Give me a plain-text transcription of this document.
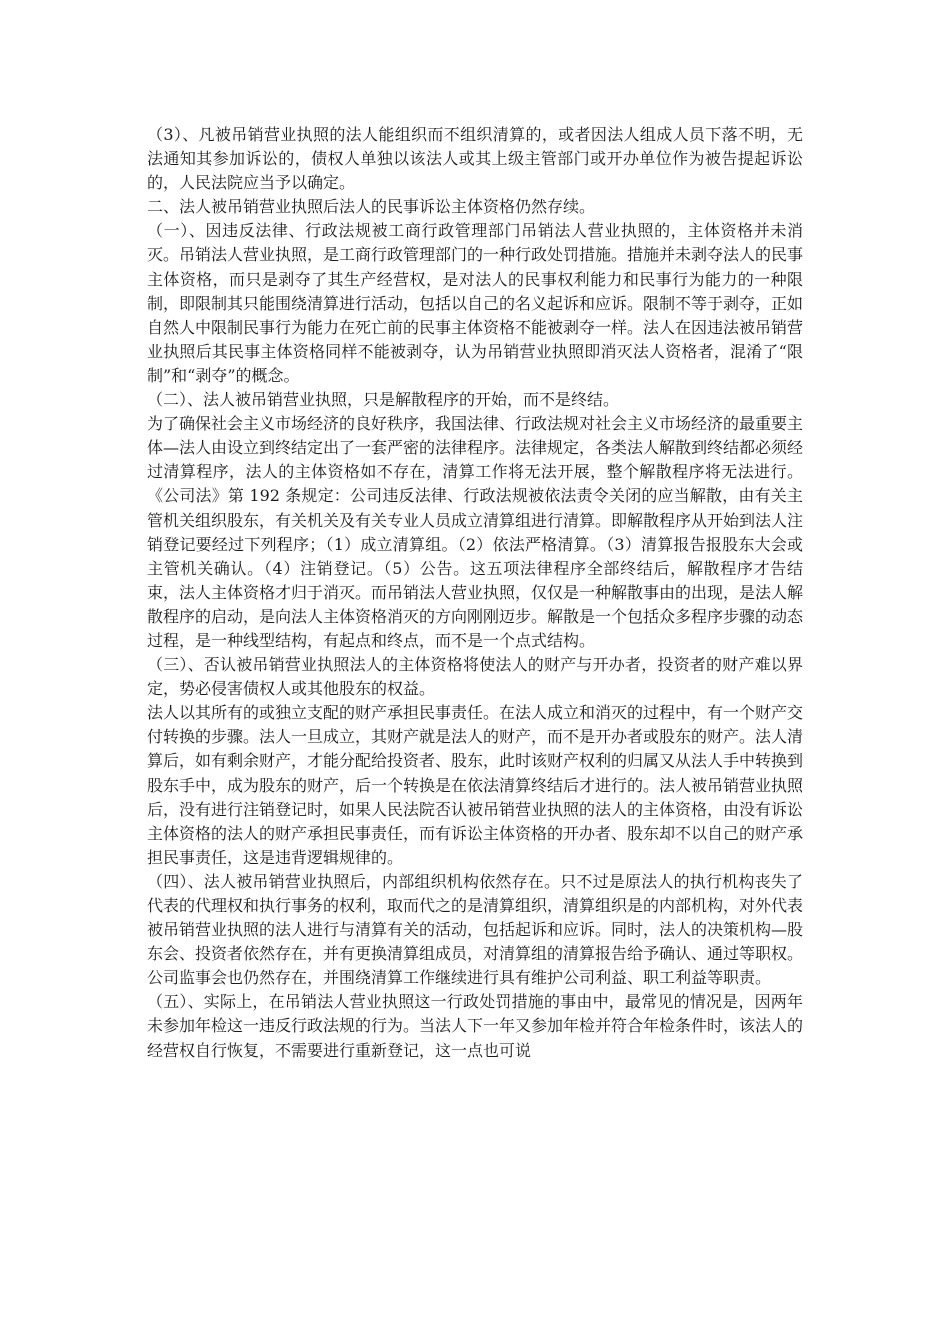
（3）、凡被吊销营业执照的法人能组织而不组织清算的，或者因法人组成人员下落不明，无法通知其参加诉讼的，债权人单独以该法人或其上级主管部门或开办单位作为被告提起诉讼的，人民法院应当予以确定。

二、法人被吊销营业执照后法人的民事诉讼主体资格仍然存续。

（一）、因违反法律、行政法规被工商行政管理部门吊销法人营业执照的，主体资格并未消灭。吊销法人营业执照，是工商行政管理部门的一种行政处罚措施。措施并未剥夺法人的民事主体资格，而只是剥夺了其生产经营权，是对法人的民事权利能力和民事行为能力的一种限制，即限制其只能围绕清算进行活动，包括以自己的名义起诉和应诉。限制不等于剥夺，正如自然人中限制民事行为能力在死亡前的民事主体资格不能被剥夺一样。法人在因违法被吊销营业执照后其民事主体资格同样不能被剥夺，认为吊销营业执照即消灭法人资格者，混淆了“限制”和“剥夺”的概念。

（二）、法人被吊销营业执照，只是解散程序的开始，而不是终结。

为了确保社会主义市场经济的良好秩序，我国法律、行政法规对社会主义市场经济的最重要主体—法人由设立到终结定出了一套严密的法律程序。法律规定，各类法人解散到终结都必须经过清算程序，法人的主体资格如不存在，清算工作将无法开展，整个解散程序将无法进行。《公司法》第 192 条规定：公司违反法律、行政法规被依法责令关闭的应当解散，由有关主管机关组织股东，有关机关及有关专业人员成立清算组进行清算。即解散程序从开始到法人注销登记要经过下列程序；（1）成立清算组。（2）依法严格清算。（3）清算报告报股东大会或主管机关确认。（4）注销登记。（5）公告。这五项法律程序全部终结后，解散程序才告结束，法人主体资格才归于消灭。而吊销法人营业执照，仅仅是一种解散事由的出现，是法人解散程序的启动，是向法人主体资格消灭的方向刚刚迈步。解散是一个包括众多程序步骤的动态过程，是一种线型结构，有起点和终点，而不是一个点式结构。

（三）、否认被吊销营业执照法人的主体资格将使法人的财产与开办者，投资者的财产难以界定，势必侵害债权人或其他股东的权益。

法人以其所有的或独立支配的财产承担民事责任。在法人成立和消灭的过程中，有一个财产交付转换的步骤。法人一旦成立，其财产就是法人的财产，而不是开办者或股东的财产。法人清算后，如有剩余财产，才能分配给投资者、股东，此时该财产权利的归属又从法人手中转换到股东手中，成为股东的财产，后一个转换是在依法清算终结后才进行的。法人被吊销营业执照后，没有进行注销登记时，如果人民法院否认被吊销营业执照的法人的主体资格，由没有诉讼主体资格的法人的财产承担民事责任，而有诉讼主体资格的开办者、股东却不以自己的财产承担民事责任，这是违背逻辑规律的。

（四）、法人被吊销营业执照后，内部组织机构依然存在。只不过是原法人的执行机构丧失了代表的代理权和执行事务的权利，取而代之的是清算组织，清算组织是的内部机构，对外代表被吊销营业执照的法人进行与清算有关的活动，包括起诉和应诉。同时，法人的决策机构—股东会、投资者依然存在，并有更换清算组成员，对清算组的清算报告给予确认、通过等职权。公司监事会也仍然存在，并围绕清算工作继续进行具有维护公司利益、职工利益等职责。

（五）、实际上，在吊销法人营业执照这一行政处罚措施的事由中，最常见的情况是，因两年未参加年检这一违反行政法规的行为。当法人下一年又参加年检并符合年检条件时，该法人的经营权自行恢复，不需要进行重新登记，这一点也可说
